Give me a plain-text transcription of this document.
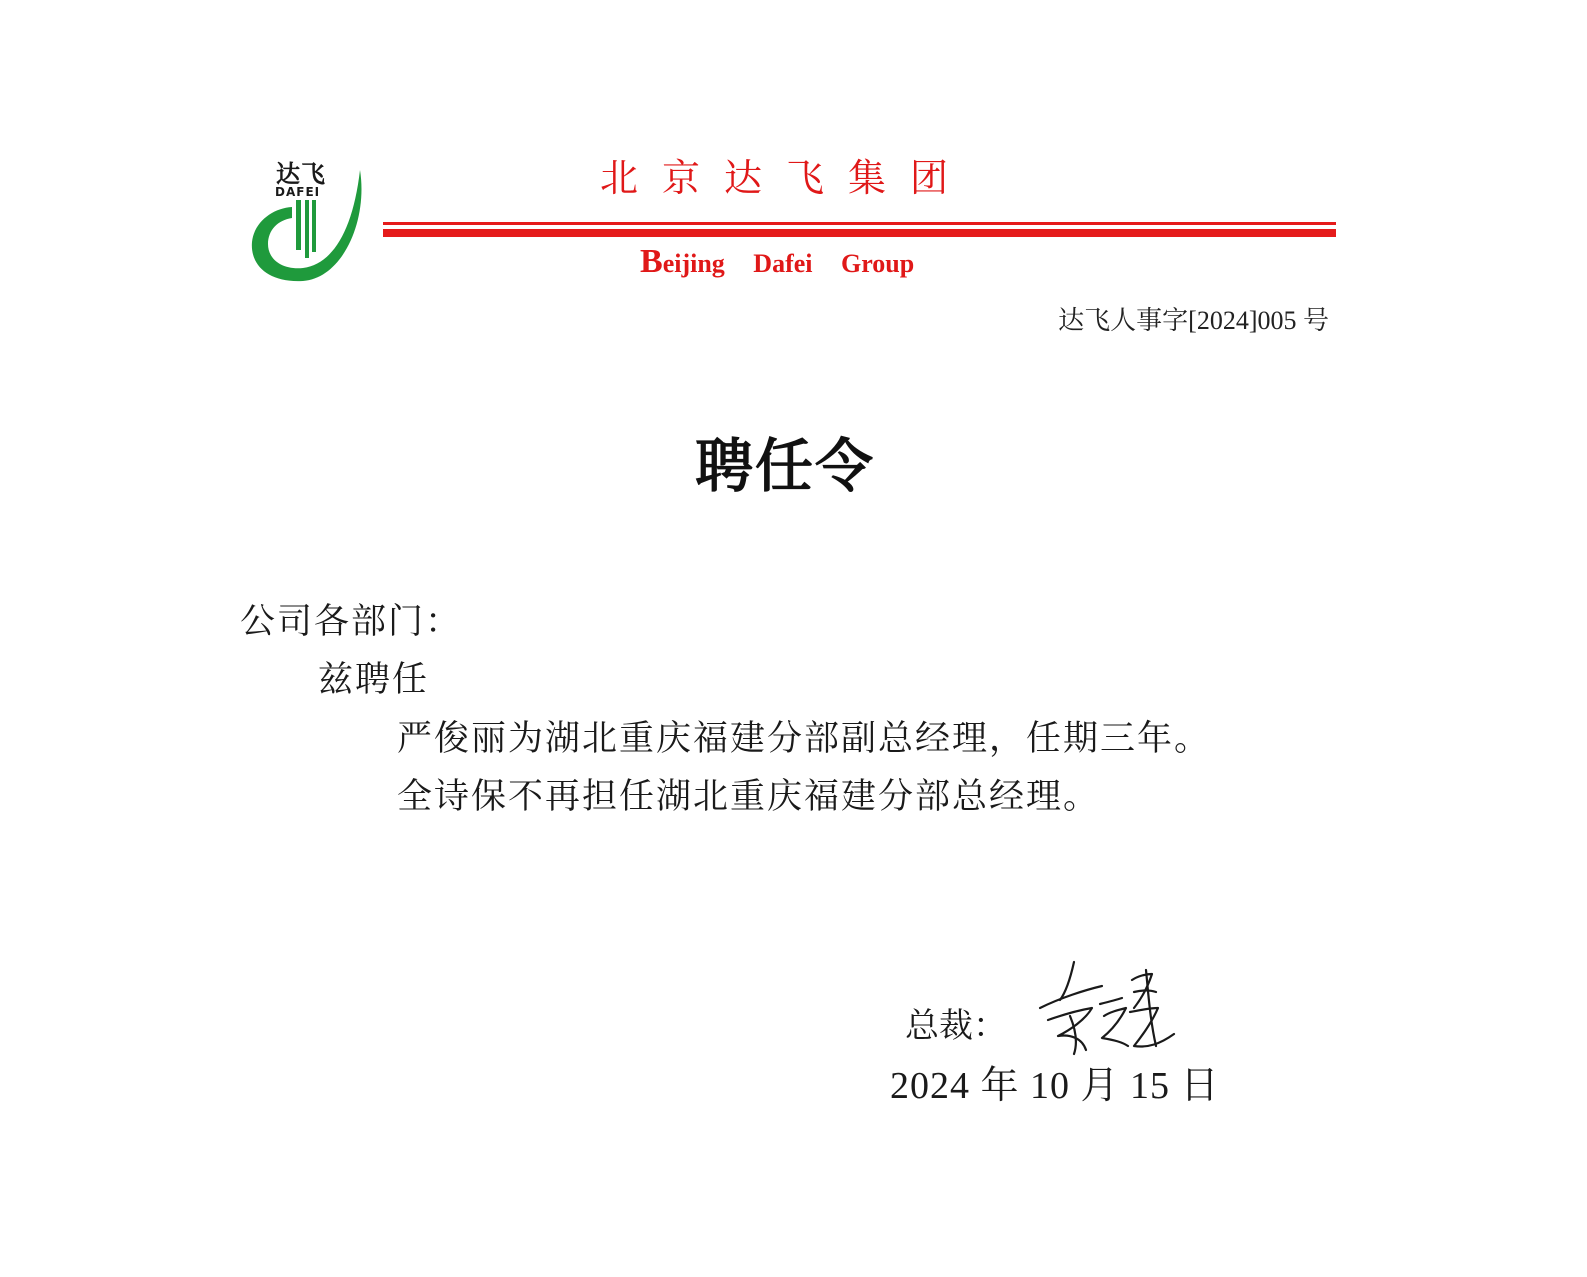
达飞
DAFEI	北京达飞集团
Beijing Dafei Group
达飞人事字[2024]005 号
聘任令
公司各部门：
兹聘任
严俊丽为湖北重庆福建分部副总经理，任期三年。
全诗保不再担任湖北重庆福建分部总经理。
总裁：
2024 年 10 月 15 日
